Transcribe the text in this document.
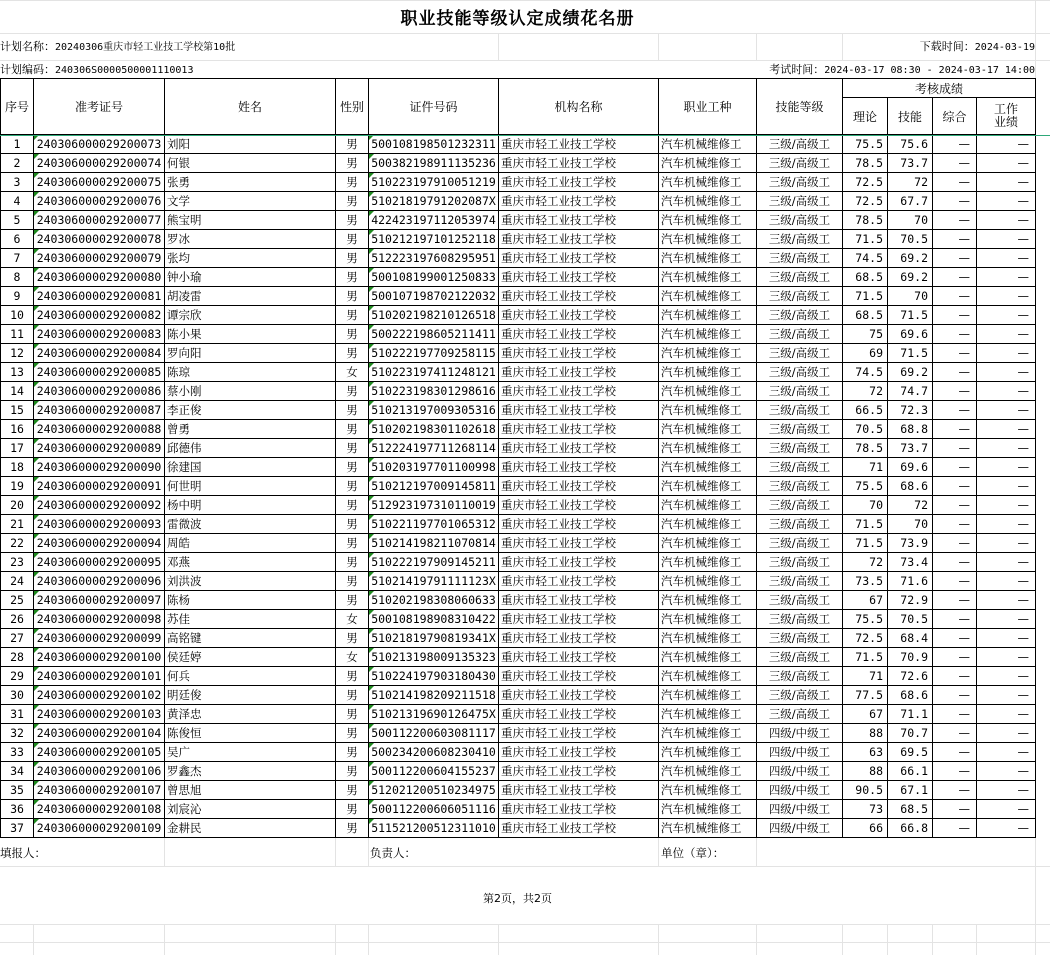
职业技能等级认定成绩花名册
计划名称：20240306重庆市轻工业技工学校第10批	下载时间：2024-03-19
计划编码：240306S0000500001110013	考试时间：2024-03-17 08:30 - 2024-03-17 14:00
序号	准考证号	姓名	性别	证件号码	机构名称	职业工种	技能等级	考核成绩			
								理论	技能	综合	工作
业绩
1	240306000029200073	刘阳	男	500108198501232311	重庆市轻工业技工学校	汽车机械维修工	三级/高级工	75.5	75.6	—	—
2	240306000029200074	何银	男	500382198911135236	重庆市轻工业技工学校	汽车机械维修工	三级/高级工	78.5	73.7	—	—
3	240306000029200075	张勇	男	510223197910051219	重庆市轻工业技工学校	汽车机械维修工	三级/高级工	72.5	72	—	—
4	240306000029200076	文学	男	51021819791202087X	重庆市轻工业技工学校	汽车机械维修工	三级/高级工	72.5	67.7	—	—
5	240306000029200077	熊宝明	男	422423197112053974	重庆市轻工业技工学校	汽车机械维修工	三级/高级工	78.5	70	—	—
6	240306000029200078	罗冰	男	510212197101252118	重庆市轻工业技工学校	汽车机械维修工	三级/高级工	71.5	70.5	—	—
7	240306000029200079	张均	男	512223197608295951	重庆市轻工业技工学校	汽车机械维修工	三级/高级工	74.5	69.2	—	—
8	240306000029200080	钟小瑜	男	500108199001250833	重庆市轻工业技工学校	汽车机械维修工	三级/高级工	68.5	69.2	—	—
9	240306000029200081	胡凌雷	男	500107198702122032	重庆市轻工业技工学校	汽车机械维修工	三级/高级工	71.5	70	—	—
10	240306000029200082	谭宗欣	男	510202198210126518	重庆市轻工业技工学校	汽车机械维修工	三级/高级工	68.5	71.5	—	—
11	240306000029200083	陈小果	男	500222198605211411	重庆市轻工业技工学校	汽车机械维修工	三级/高级工	75	69.6	—	—
12	240306000029200084	罗向阳	男	510222197709258115	重庆市轻工业技工学校	汽车机械维修工	三级/高级工	69	71.5	—	—
13	240306000029200085	陈琼	女	510223197411248121	重庆市轻工业技工学校	汽车机械维修工	三级/高级工	74.5	69.2	—	—
14	240306000029200086	蔡小刚	男	510223198301298616	重庆市轻工业技工学校	汽车机械维修工	三级/高级工	72	74.7	—	—
15	240306000029200087	李正俊	男	510213197009305316	重庆市轻工业技工学校	汽车机械维修工	三级/高级工	66.5	72.3	—	—
16	240306000029200088	曾勇	男	510202198301102618	重庆市轻工业技工学校	汽车机械维修工	三级/高级工	70.5	68.8	—	—
17	240306000029200089	邱德伟	男	512224197711268114	重庆市轻工业技工学校	汽车机械维修工	三级/高级工	78.5	73.7	—	—
18	240306000029200090	徐建国	男	510203197701100998	重庆市轻工业技工学校	汽车机械维修工	三级/高级工	71	69.6	—	—
19	240306000029200091	何世明	男	510212197009145811	重庆市轻工业技工学校	汽车机械维修工	三级/高级工	75.5	68.6	—	—
20	240306000029200092	杨中明	男	512923197310110019	重庆市轻工业技工学校	汽车机械维修工	三级/高级工	70	72	—	—
21	240306000029200093	雷微波	男	510221197701065312	重庆市轻工业技工学校	汽车机械维修工	三级/高级工	71.5	70	—	—
22	240306000029200094	周皓	男	510214198211070814	重庆市轻工业技工学校	汽车机械维修工	三级/高级工	71.5	73.9	—	—
23	240306000029200095	邓燕	男	510222197909145211	重庆市轻工业技工学校	汽车机械维修工	三级/高级工	72	73.4	—	—
24	240306000029200096	刘洪波	男	51021419791111123X	重庆市轻工业技工学校	汽车机械维修工	三级/高级工	73.5	71.6	—	—
25	240306000029200097	陈杨	男	510202198308060633	重庆市轻工业技工学校	汽车机械维修工	三级/高级工	67	72.9	—	—
26	240306000029200098	苏佳	女	500108198908310422	重庆市轻工业技工学校	汽车机械维修工	三级/高级工	75.5	70.5	—	—
27	240306000029200099	高铭键	男	51021819790819341X	重庆市轻工业技工学校	汽车机械维修工	三级/高级工	72.5	68.4	—	—
28	240306000029200100	侯廷婷	女	510213198009135323	重庆市轻工业技工学校	汽车机械维修工	三级/高级工	71.5	70.9	—	—
29	240306000029200101	何兵	男	510224197903180430	重庆市轻工业技工学校	汽车机械维修工	三级/高级工	71	72.6	—	—
30	240306000029200102	明廷俊	男	510214198209211518	重庆市轻工业技工学校	汽车机械维修工	三级/高级工	77.5	68.6	—	—
31	240306000029200103	黄泽忠	男	51021319690126475X	重庆市轻工业技工学校	汽车机械维修工	三级/高级工	67	71.1	—	—
32	240306000029200104	陈俊恒	男	500112200603081117	重庆市轻工业技工学校	汽车机械维修工	四级/中级工	88	70.7	—	—
33	240306000029200105	吴广	男	500234200608230410	重庆市轻工业技工学校	汽车机械维修工	四级/中级工	63	69.5	—	—
34	240306000029200106	罗鑫杰	男	500112200604155237	重庆市轻工业技工学校	汽车机械维修工	四级/中级工	88	66.1	—	—
35	240306000029200107	曾思旭	男	512021200510234975	重庆市轻工业技工学校	汽车机械维修工	四级/中级工	90.5	67.1	—	—
36	240306000029200108	刘宸沁	男	500112200606051116	重庆市轻工业技工学校	汽车机械维修工	四级/中级工	73	68.5	—	—
37	240306000029200109	金耕民	男	511521200512311010	重庆市轻工业技工学校	汽车机械维修工	四级/中级工	66	66.8	—	—
填报人：	负责人：	单位（章）：
第2页，共2页
